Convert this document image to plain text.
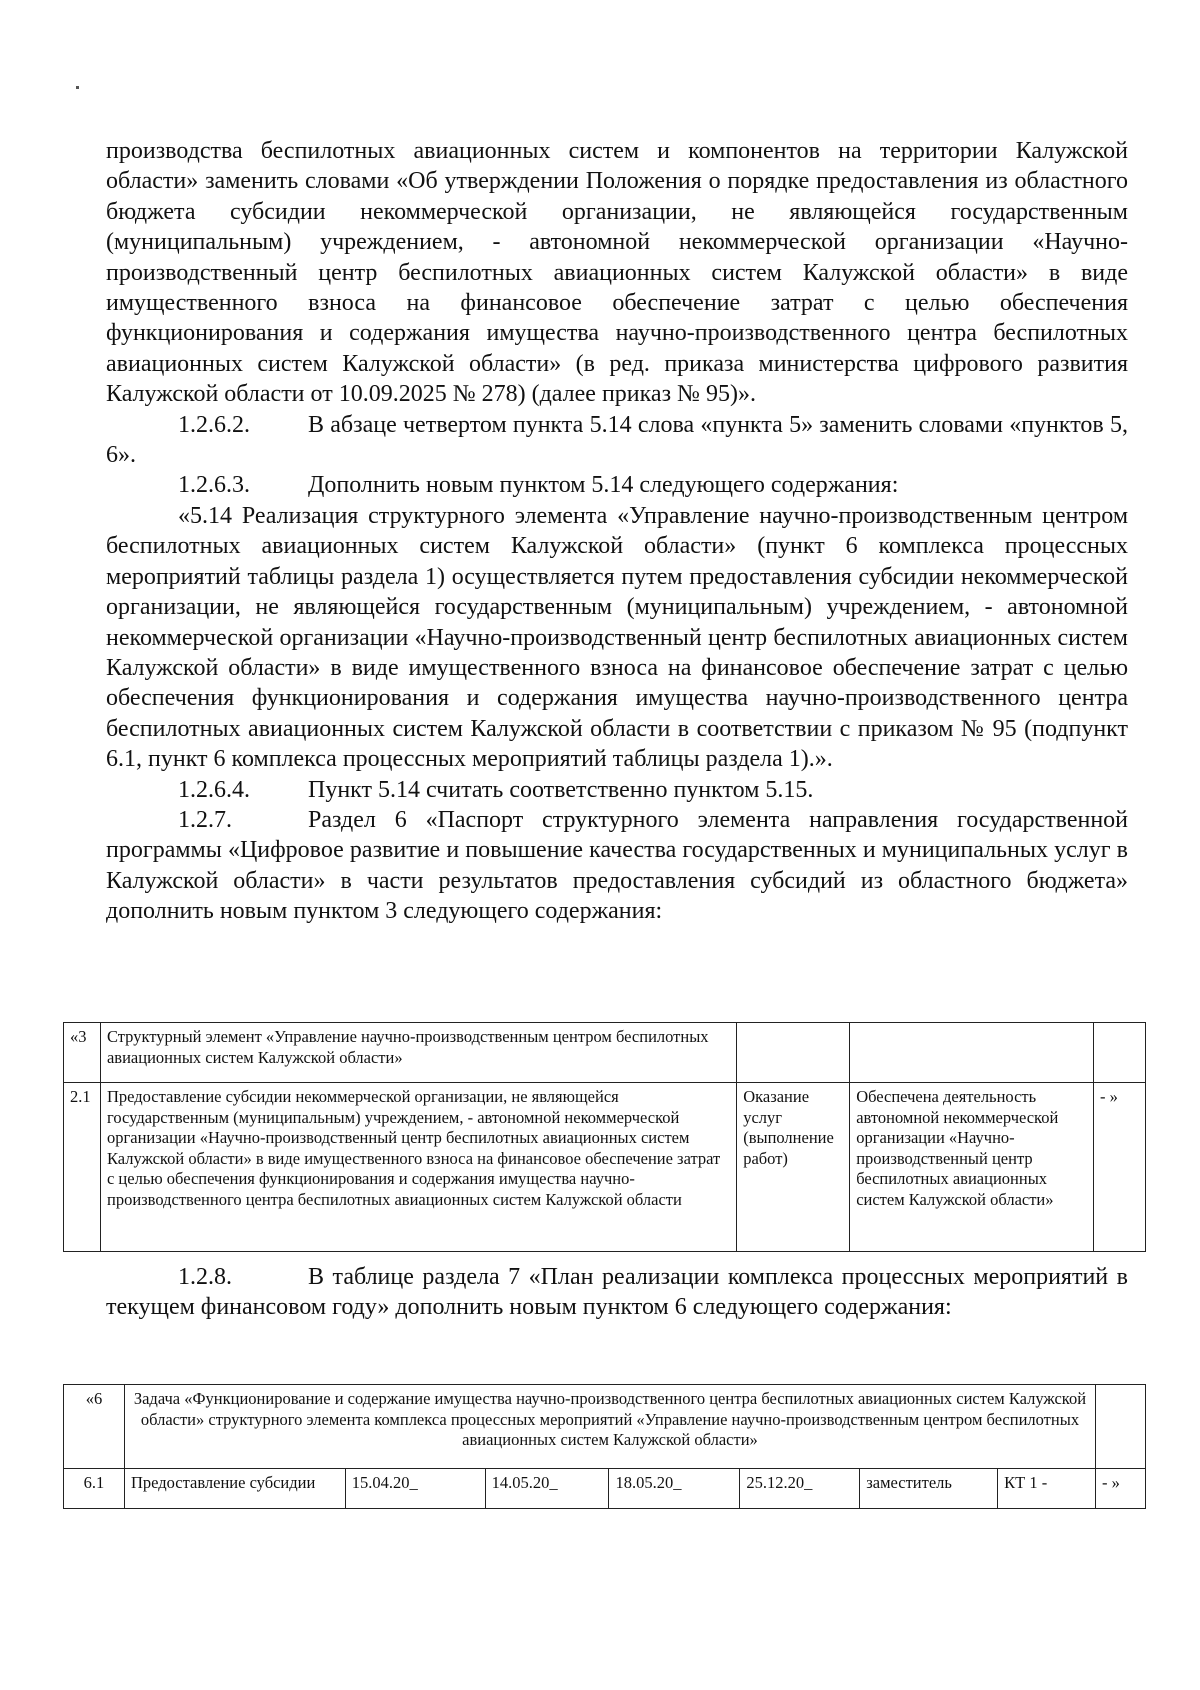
производства беспилотных авиационных систем и компонентов на территории Калужской области» заменить словами «Об утверждении Положения о порядке предоставления из областного бюджета субсидии некоммерческой организации, не являющейся государственным (муниципальным) учреждением, - автономной некоммерческой организации «Научно-производственный центр беспилотных авиационных систем Калужской области» в виде имущественного взноса на финансовое обеспечение затрат с целью обеспечения функционирования и содержания имущества научно-производственного центра беспилотных авиационных систем Калужской области» (в ред. приказа министерства цифрового развития Калужской области от 10.09.2025 № 278) (далее приказ № 95)».

1.2.6.2. В абзаце четвертом пункта 5.14 слова «пункта 5» заменить словами «пунктов 5, 6».

1.2.6.3. Дополнить новым пунктом 5.14 следующего содержания:

«5.14 Реализация структурного элемента «Управление научно-производственным центром беспилотных авиационных систем Калужской области» (пункт 6 комплекса процессных мероприятий таблицы раздела 1) осуществляется путем предоставления субсидии некоммерческой организации, не являющейся государственным (муниципальным) учреждением, - автономной некоммерческой организации «Научно-производственный центр беспилотных авиационных систем Калужской области» в виде имущественного взноса на финансовое обеспечение затрат с целью обеспечения функционирования и содержания имущества научно-производственного центра беспилотных авиационных систем Калужской области в соответствии с приказом № 95 (подпункт 6.1, пункт 6 комплекса процессных мероприятий таблицы раздела 1).».

1.2.6.4. Пункт 5.14 считать соответственно пунктом 5.15.

1.2.7.	Раздел 6 «Паспорт структурного элемента направления государственной программы «Цифровое развитие и повышение качества государственных и муниципальных услуг в Калужской области» в части результатов предоставления субсидий из областного бюджета» дополнить новым пунктом 3 следующего содержания:

«3	Структурный элемент «Управление научно-производственным центром беспилотных авиационных систем Калужской области»			
2.1	Предоставление субсидии некоммерческой организации, не являющейся государственным (муниципальным) учреждением, - автономной некоммерческой организации «Научно-производственный центр беспилотных авиационных систем Калужской области» в виде имущественного взноса на финансовое обеспечение затрат с целью обеспечения функционирования и содержания имущества научно-производственного центра беспилотных авиационных систем Калужской области	Оказание услуг (выполнение работ)	Обеспечена деятельность автономной некоммерческой организации «Научно-производственный центр беспилотных авиационных систем Калужской области»	- »

1.2.8.	В таблице раздела 7 «План реализации комплекса процессных мероприятий в текущем финансовом году» дополнить новым пунктом 6 следующего содержания:

«6	Задача «Функционирование и содержание имущества научно-производственного центра беспилотных авиационных систем Калужской области» структурного элемента комплекса процессных мероприятий «Управление научно-производственным центром беспилотных авиационных систем Калужской области»							
6.1	Предоставление субсидии	15.04.20_	14.05.20_	18.05.20_	25.12.20_	заместитель	КТ 1 -	- »
